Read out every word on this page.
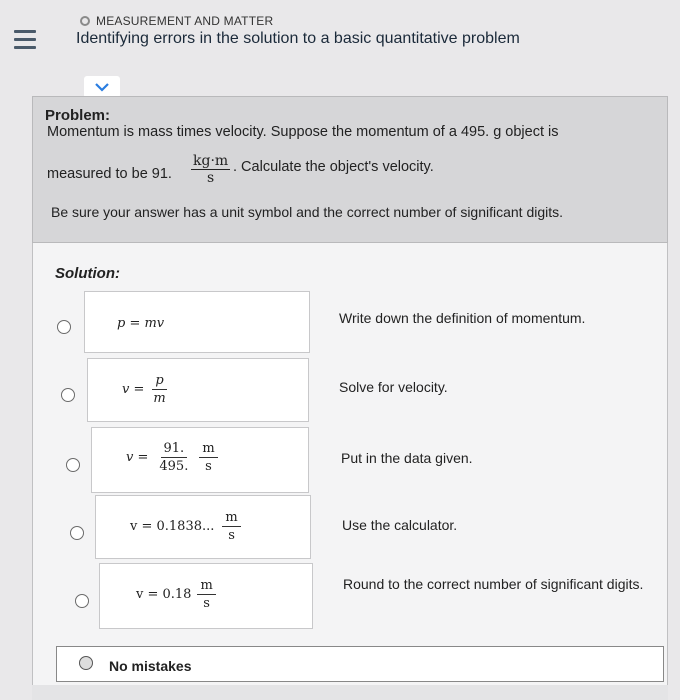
MEASUREMENT AND MATTER
Identifying errors in the solution to a basic quantitative problem
Problem:
Momentum is mass times velocity. Suppose the momentum of a 495. g object is
measured to be 91. $\frac{kg\cdot m}{s}$ . Calculate the object's velocity.
Be sure your answer has a unit symbol and the correct number of significant digits.
Solution:
p = mv	Write down the definition of momentum.
$v = \frac{p}{m}$	Solve for velocity.
$v = \frac{91.}{495.} \frac{m}{s}$	Put in the data given.
v = 0.1838... $\frac{m}{s}$	Use the calculator.
$v = 0.18 \frac{m}{s}$	Round to the correct number of significant digits.
No mistakes
